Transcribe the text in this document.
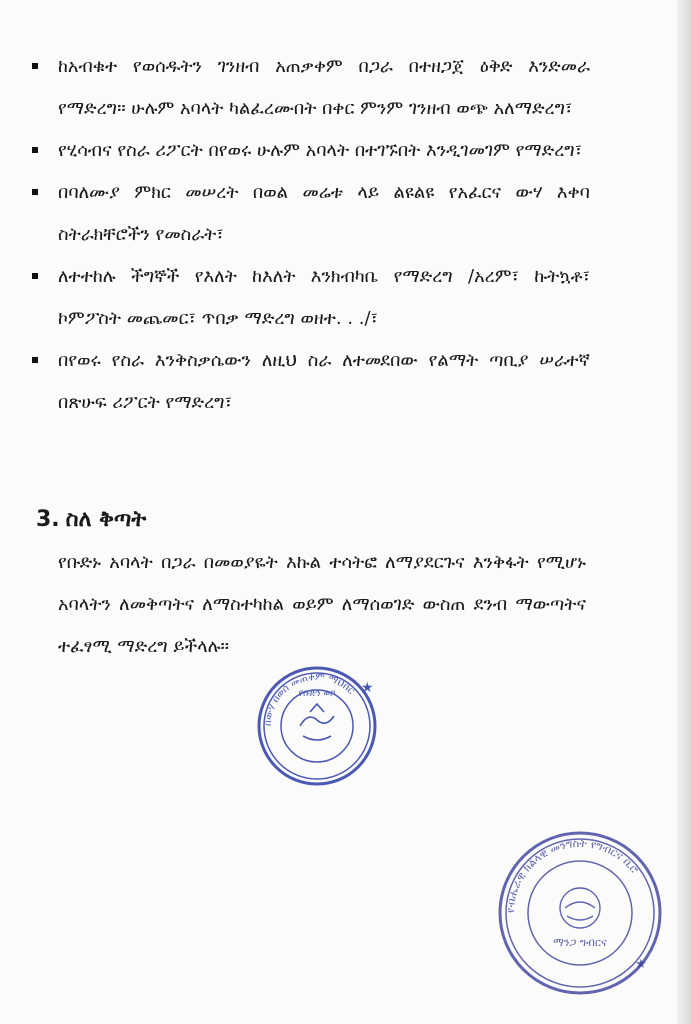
ከአብቁተ የወሰዱትን ገንዘብ አጠቃቀም በጋራ በተዘጋጀ ዕቅድ እንድመራ የማድረግ፡፡ ሁሉም አባላት ካልፈረሙበት በቀር ምንም ገንዘብ ወጭ አለማድረግ፣
የሂሳብና የስራ ሪፖርት በየወሩ ሁሉም አባላት በተገኙበት እንዲገመገም የማድረግ፣
በባለሙያ ምክር መሠረት በወል መሬቱ ላይ ልዩልዩ የአፈርና ውሃ እቀባ ስትራክቸሮችን የመስራት፣
ለተተከሉ ችግኞች የእለት ከእለት እንክብካቤ የማድረግ /አረም፣ ኩትኳቶ፣ ኮምፖስት መጨመር፣ ጥበቃ ማድረግ ወዘተ. . ./፣
በየወሩ የስራ እንቅስቃሴውን ለዚህ ስራ ለተመደበው የልማት ጣቢያ ሠራተኛ በጽሁፍ ሪፖርት የማድረግ፣
3. ስለ ቅጣት

የቡድኑ አባላት በጋራ በመወያዬት እኩል ተሳትፎ ለማያደርጉና እንቅፋት የሚሆኑ አባላትን ለመቅጣትና ለማስተካከል ወይም ለማሰወገድ ውስጠ ደንብ ማውጣትና ተፈፃሚ ማድረግ ይችላሉ፡፡

በውሃ በወሰ መጠቀም ማህበር
የቡድን ወቦ ★
የብሔራዊ ክልላዊ መንግስት የግብርና ቢሮ
ማንጋ ግብርና
★
